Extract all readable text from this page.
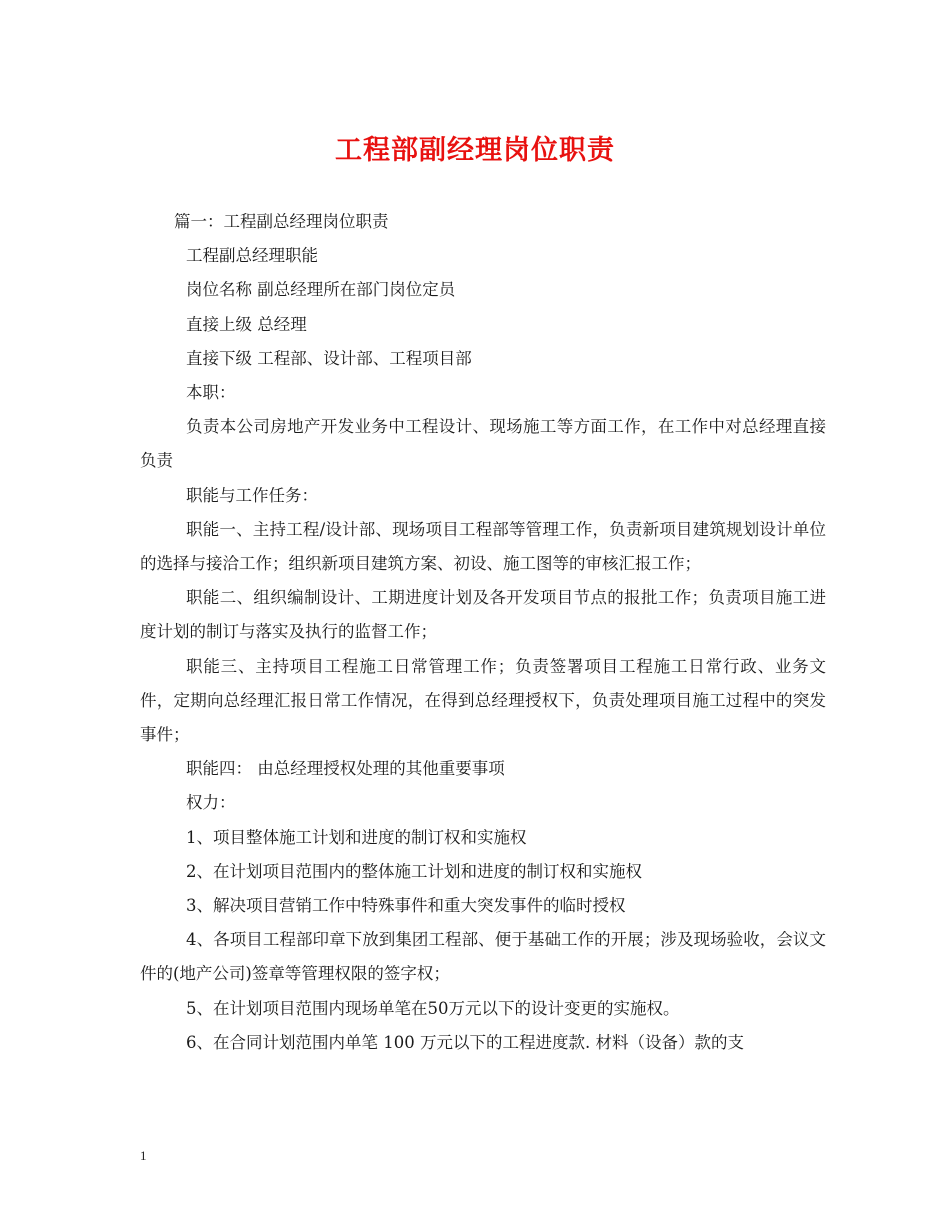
工程部副经理岗位职责

篇一：工程副总经理岗位职责

工程副总经理职能

岗位名称 副总经理所在部门岗位定员

直接上级 总经理

直接下级 工程部、设计部、工程项目部

本职：

负责本公司房地产开发业务中工程设计、现场施工等方面工作，在工作中对总经理直接负责

职能与工作任务：

职能一、主持工程/设计部、现场项目工程部等管理工作，负责新项目建筑规划设计单位的选择与接洽工作；组织新项目建筑方案、初设、施工图等的审核汇报工作；

职能二、组织编制设计、工期进度计划及各开发项目节点的报批工作；负责项目施工进度计划的制订与落实及执行的监督工作；

职能三、主持项目工程施工日常管理工作；负责签署项目工程施工日常行政、业务文件，定期向总经理汇报日常工作情况，在得到总经理授权下，负责处理项目施工过程中的突发事件；

职能四： 由总经理授权处理的其他重要事项

权力：

1、项目整体施工计划和进度的制订权和实施权

2、在计划项目范围内的整体施工计划和进度的制订权和实施权

3、解决项目营销工作中特殊事件和重大突发事件的临时授权

4、各项目工程部印章下放到集团工程部、便于基础工作的开展；涉及现场验收，会议文件的(地产公司)签章等管理权限的签字权；

5、在计划项目范围内现场单笔在50万元以下的设计变更的实施权。

6、在合同计划范围内单笔 100 万元以下的工程进度款. 材料（设备）款的支

1
